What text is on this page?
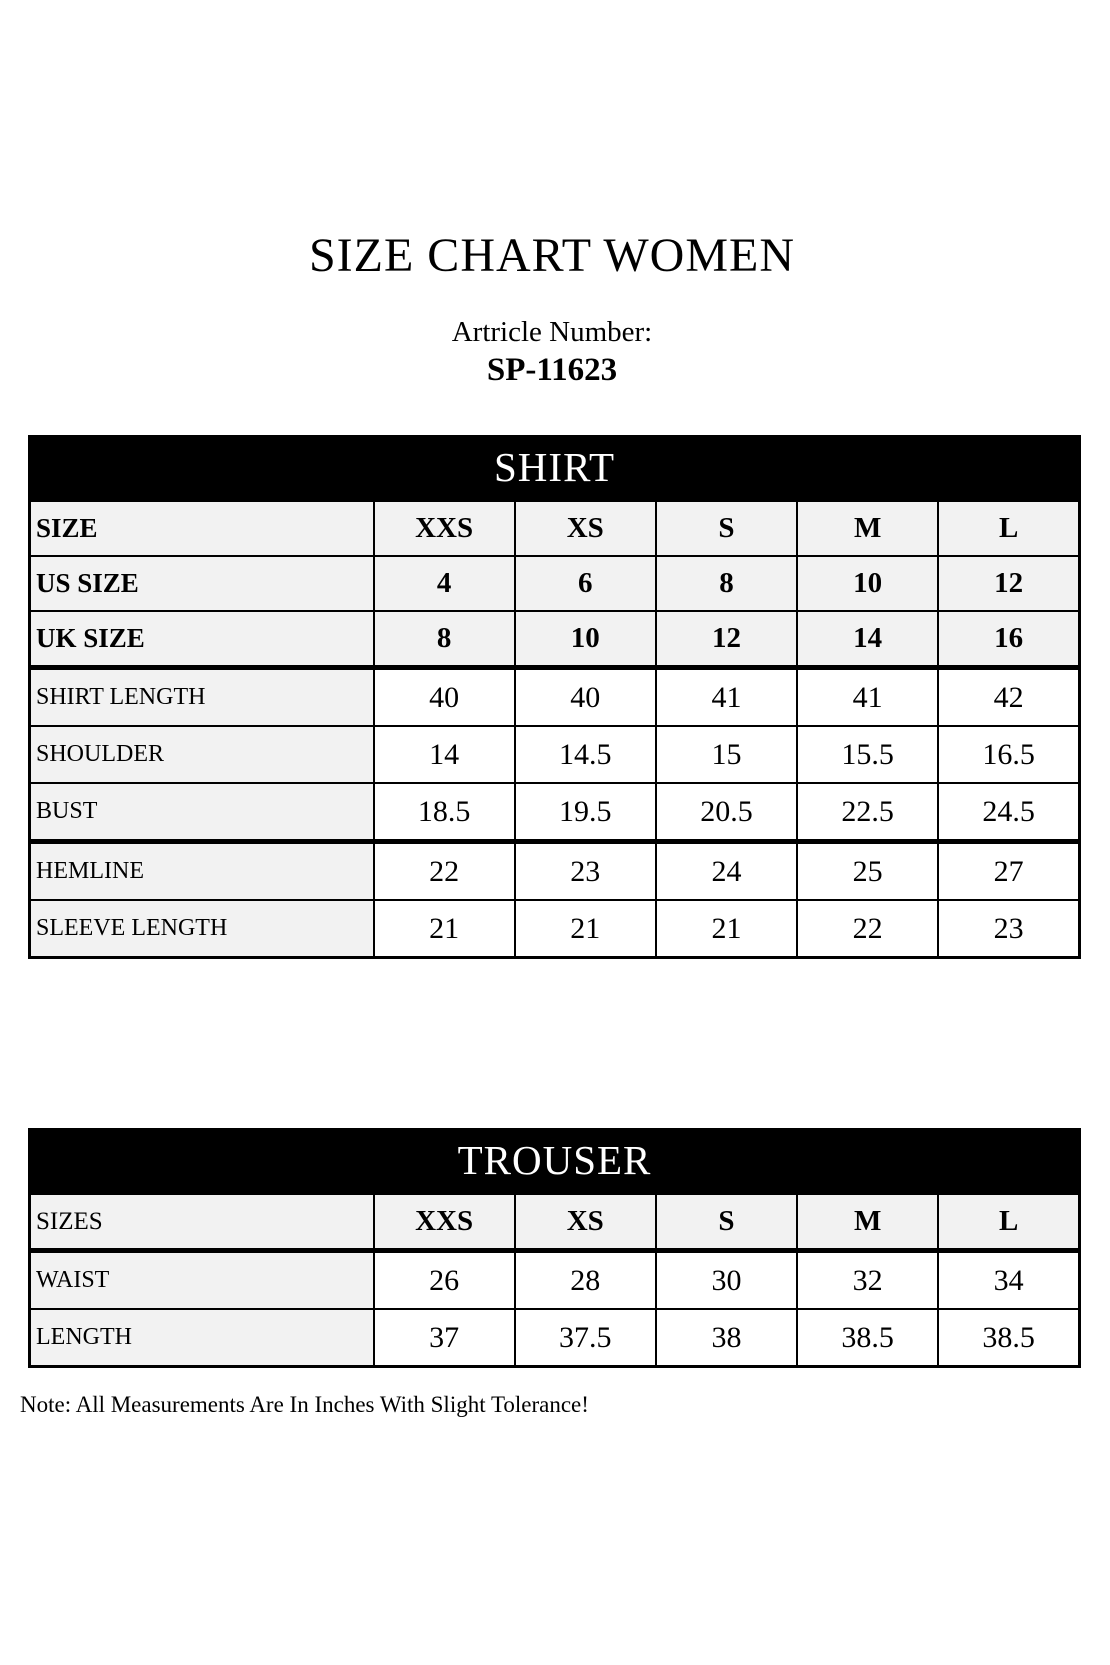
SIZE CHART WOMEN
Artricle Number:
SP-11623
SHIRT
SIZE	XXS	XS	S	M	L
US SIZE	4	6	8	10	12
UK SIZE	8	10	12	14	16
SHIRT LENGTH	40	40	41	41	42
SHOULDER	14	14.5	15	15.5	16.5
BUST	18.5	19.5	20.5	22.5	24.5
HEMLINE	22	23	24	25	27
SLEEVE LENGTH	21	21	21	22	23
TROUSER
SIZES	XXS	XS	S	M	L
WAIST	26	28	30	32	34
LENGTH	37	37.5	38	38.5	38.5
Note: All Measurements Are In Inches With Slight Tolerance!
